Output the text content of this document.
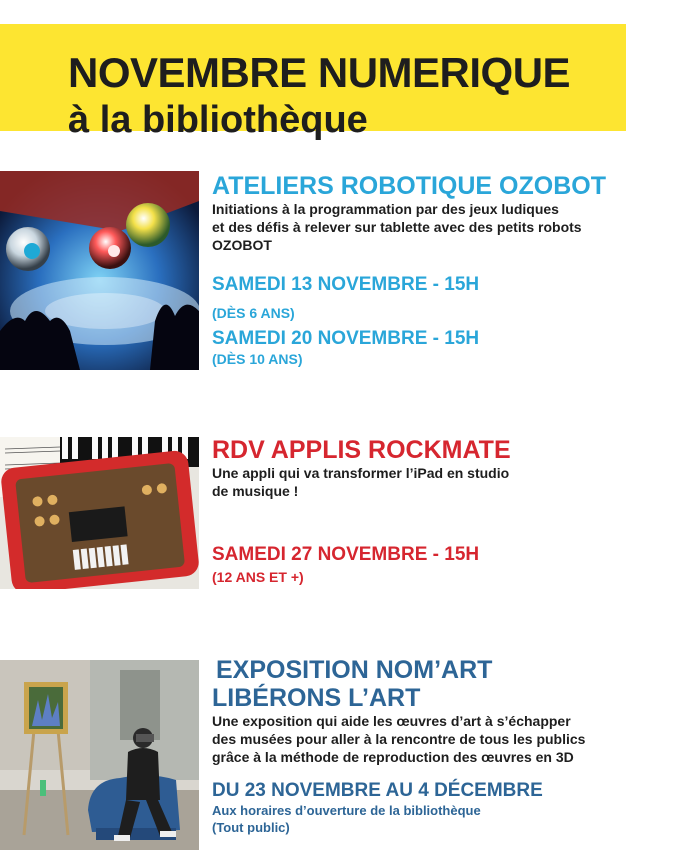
NOVEMBRE NUMERIQUE
à la bibliothèque

ATELIERS ROBOTIQUE OZOBOT

Initiations à la programmation par des jeux ludiques

et des défis à relever sur tablette avec des petits robots

OZOBOT

SAMEDI 13 NOVEMBRE - 15H

(DÈS 6 ANS)

SAMEDI 20 NOVEMBRE - 15H

(DÈS 10 ANS)

RDV APPLIS ROCKMATE

Une appli qui va transformer l’iPad en studio

de musique !

SAMEDI 27 NOVEMBRE - 15H

(12 ANS ET +)

EXPOSITION NOM’ART

LIBÉRONS L’ART

Une exposition qui aide les œuvres d’art à s’échapper

des musées pour aller à la rencontre de tous les publics

grâce à la méthode de reproduction des œuvres en 3D

DU 23 NOVEMBRE AU 4 DÉCEMBRE

Aux horaires d’ouverture de la bibliothèque

(Tout public)
